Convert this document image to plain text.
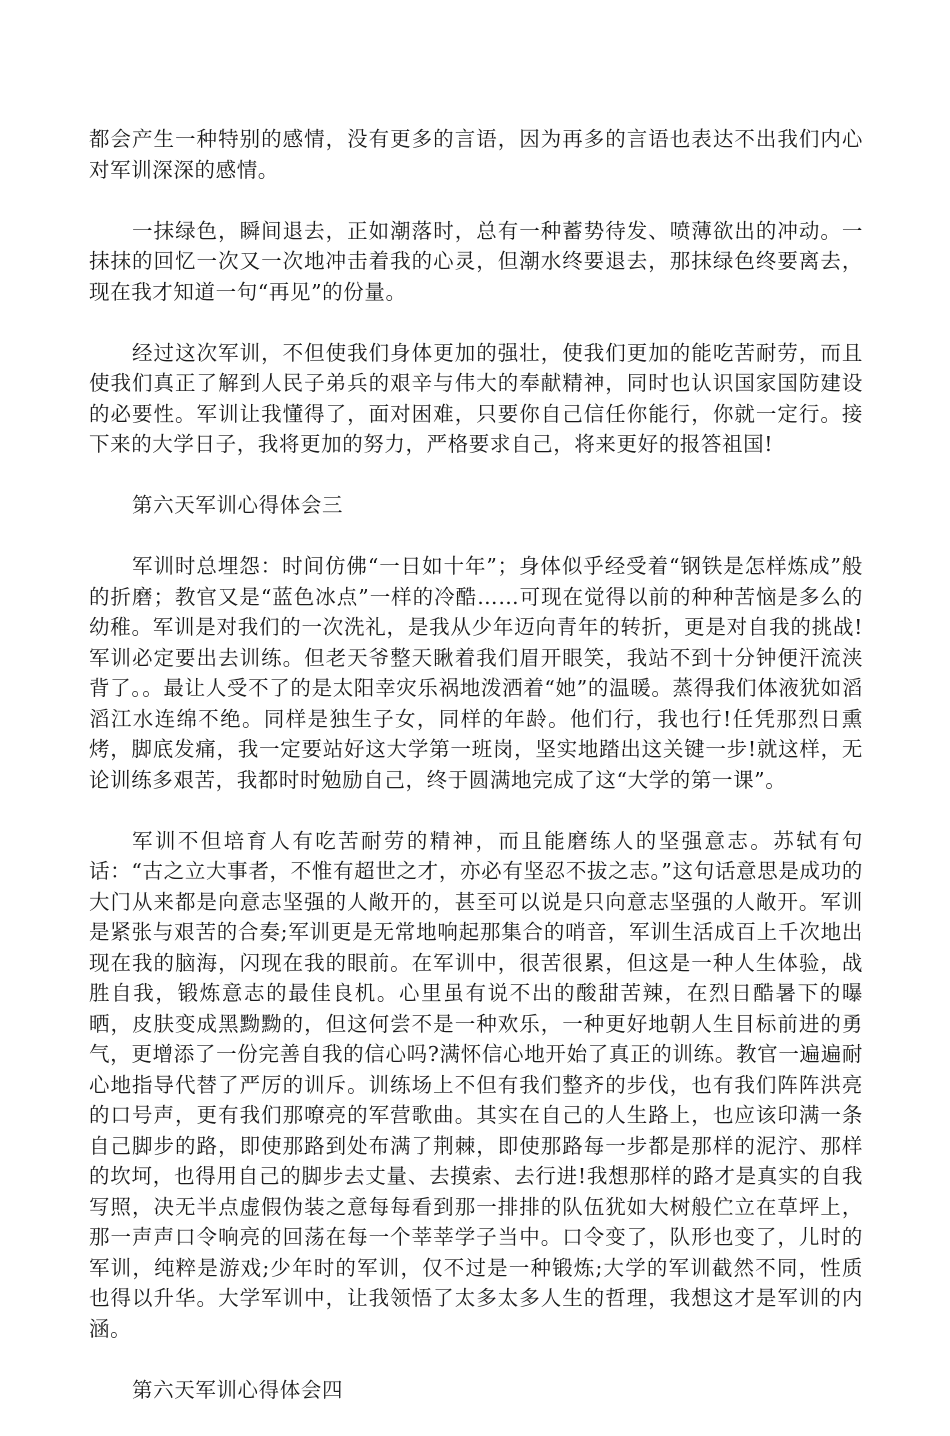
都会产生一种特别的感情，没有更多的言语，因为再多的言语也表达不出我们内心对军训深深的感情。

一抹绿色，瞬间退去，正如潮落时，总有一种蓄势待发、喷薄欲出的冲动。一抹抹的回忆一次又一次地冲击着我的心灵，但潮水终要退去，那抹绿色终要离去，现在我才知道一句“再见”的份量。

经过这次军训，不但使我们身体更加的强壮，使我们更加的能吃苦耐劳，而且使我们真正了解到人民子弟兵的艰辛与伟大的奉献精神，同时也认识国家国防建设的必要性。军训让我懂得了，面对困难，只要你自己信任你能行，你就一定行。接下来的大学日子，我将更加的努力，严格要求自己，将来更好的报答祖国!

第六天军训心得体会三

军训时总埋怨：时间仿佛“一日如十年”；身体似乎经受着“钢铁是怎样炼成”般的折磨；教官又是“蓝色冰点”一样的冷酷……可现在觉得以前的种种苦恼是多么的幼稚。军训是对我们的一次洗礼，是我从少年迈向青年的转折，更是对自我的挑战!军训必定要出去训练。但老天爷整天瞅着我们眉开眼笑，我站不到十分钟便汗流浃背了。。最让人受不了的是太阳幸灾乐祸地泼洒着“她”的温暖。蒸得我们体液犹如滔滔江水连绵不绝。同样是独生子女，同样的年龄。他们行，我也行!任凭那烈日熏烤，脚底发痛，我一定要站好这大学第一班岗，坚实地踏出这关键一步!就这样，无论训练多艰苦，我都时时勉励自己，终于圆满地完成了这“大学的第一课”。

军训不但培育人有吃苦耐劳的精神，而且能磨练人的坚强意志。苏轼有句话：“古之立大事者，不惟有超世之才，亦必有坚忍不拔之志。”这句话意思是成功的大门从来都是向意志坚强的人敞开的，甚至可以说是只向意志坚强的人敞开。军训是紧张与艰苦的合奏;军训更是无常地响起那集合的哨音，军训生活成百上千次地出现在我的脑海，闪现在我的眼前。在军训中，很苦很累，但这是一种人生体验，战胜自我，锻炼意志的最佳良机。心里虽有说不出的酸甜苦辣，在烈日酷暑下的曝晒，皮肤变成黑黝黝的，但这何尝不是一种欢乐，一种更好地朝人生目标前进的勇气，更增添了一份完善自我的信心吗?满怀信心地开始了真正的训练。教官一遍遍耐心地指导代替了严厉的训斥。训练场上不但有我们整齐的步伐，也有我们阵阵洪亮的口号声，更有我们那嘹亮的军营歌曲。其实在自己的人生路上，也应该印满一条自己脚步的路，即使那路到处布满了荆棘，即使那路每一步都是那样的泥泞、那样的坎坷，也得用自己的脚步去丈量、去摸索、去行进!我想那样的路才是真实的自我写照，决无半点虚假伪装之意每每看到那一排排的队伍犹如大树般伫立在草坪上，那一声声口令响亮的回荡在每一个莘莘学子当中。口令变了，队形也变了，儿时的军训，纯粹是游戏;少年时的军训，仅不过是一种锻炼;大学的军训截然不同，性质也得以升华。大学军训中，让我领悟了太多太多人生的哲理，我想这才是军训的内涵。

第六天军训心得体会四
